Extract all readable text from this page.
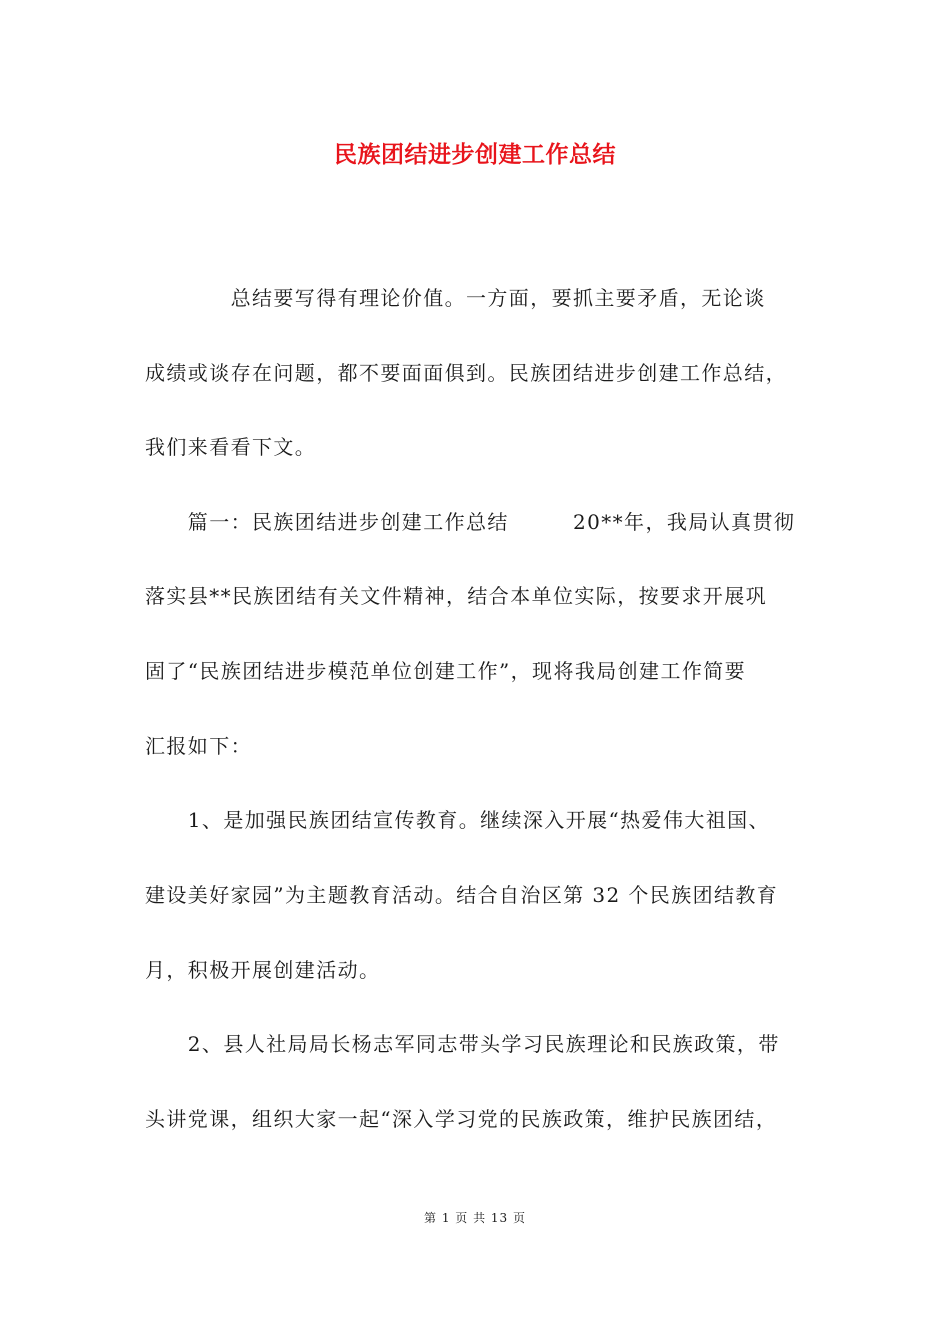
民族团结进步创建工作总结
　　　　总结要写得有理论价值。一方面，要抓主要矛盾，无论谈
成绩或谈存在问题，都不要面面俱到。民族团结进步创建工作总结，
我们来看看下文。
　　篇一：民族团结进步创建工作总结　　　20**年，我局认真贯彻
落实县**民族团结有关文件精神，结合本单位实际，按要求开展巩
固了“民族团结进步模范单位创建工作”，现将我局创建工作简要
汇报如下：
　　1、是加强民族团结宣传教育。继续深入开展“热爱伟大祖国、
建设美好家园”为主题教育活动。结合自治区第 32 个民族团结教育
月，积极开展创建活动。
　　2、县人社局局长杨志军同志带头学习民族理论和民族政策，带
头讲党课，组织大家一起“深入学习党的民族政策，维护民族团结，
第 1 页 共 13 页
